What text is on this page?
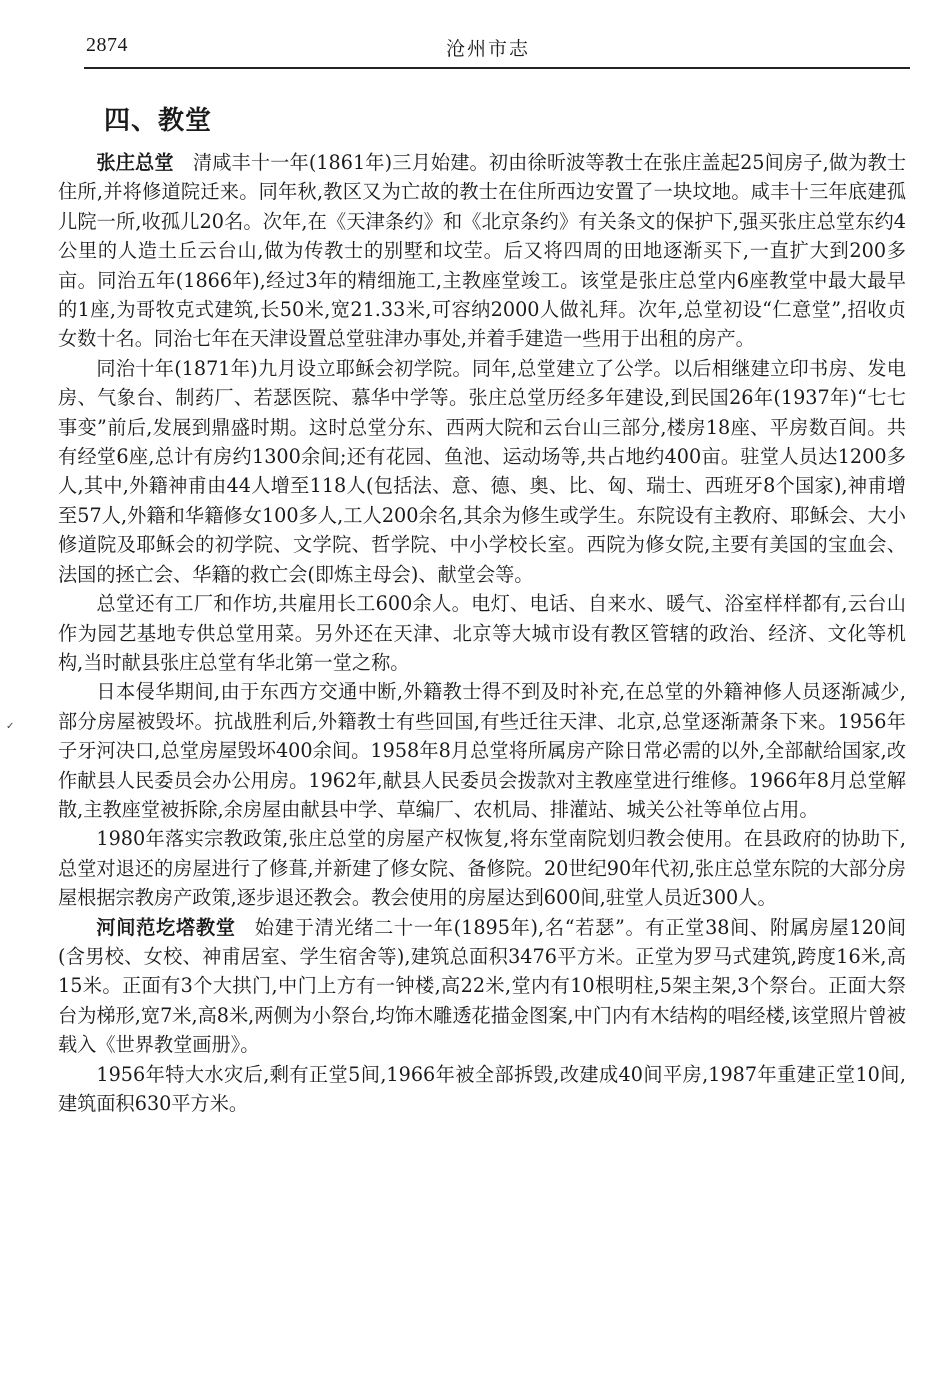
2874	沧州市志
四、教堂

张庄总堂 清咸丰十一年(1861年)三月始建。初由徐昕波等教士在张庄盖起25间房子,做为教士住所,并将修道院迁来。同年秋,教区又为亡故的教士在住所西边安置了一块坟地。咸丰十三年底建孤儿院一所,收孤儿20名。次年,在《天津条约》和《北京条约》有关条文的保护下,强买张庄总堂东约4公里的人造土丘云台山,做为传教士的别墅和坟茔。后又将四周的田地逐渐买下,一直扩大到200多亩。同治五年(1866年),经过3年的精细施工,主教座堂竣工。该堂是张庄总堂内6座教堂中最大最早的1座,为哥牧克式建筑,长50米,宽21.33米,可容纳2000人做礼拜。次年,总堂初设“仁意堂”,招收贞女数十名。同治七年在天津设置总堂驻津办事处,并着手建造一些用于出租的房产。

同治十年(1871年)九月设立耶稣会初学院。同年,总堂建立了公学。以后相继建立印书房、发电房、气象台、制药厂、若瑟医院、慕华中学等。张庄总堂历经多年建设,到民国26年(1937年)“七七事变”前后,发展到鼎盛时期。这时总堂分东、西两大院和云台山三部分,楼房18座、平房数百间。共有经堂6座,总计有房约1300余间;还有花园、鱼池、运动场等,共占地约400亩。驻堂人员达1200多人,其中,外籍神甫由44人增至118人(包括法、意、德、奥、比、匈、瑞士、西班牙8个国家),神甫增至57人,外籍和华籍修女100多人,工人200余名,其余为修生或学生。东院设有主教府、耶稣会、大小修道院及耶稣会的初学院、文学院、哲学院、中小学校长室。西院为修女院,主要有美国的宝血会、法国的拯亡会、华籍的救亡会(即炼主母会)、献堂会等。

总堂还有工厂和作坊,共雇用长工600余人。电灯、电话、自来水、暖气、浴室样样都有,云台山作为园艺基地专供总堂用菜。另外还在天津、北京等大城市设有教区管辖的政治、经济、文化等机构,当时献县张庄总堂有华北第一堂之称。

日本侵华期间,由于东西方交通中断,外籍教士得不到及时补充,在总堂的外籍神修人员逐渐减少,部分房屋被毁坏。抗战胜利后,外籍教士有些回国,有些迁往天津、北京,总堂逐渐萧条下来。1956年子牙河决口,总堂房屋毁坏400余间。1958年8月总堂将所属房产除日常必需的以外,全部献给国家,改作献县人民委员会办公用房。1962年,献县人民委员会拨款对主教座堂进行维修。1966年8月总堂解散,主教座堂被拆除,余房屋由献县中学、草编厂、农机局、排灌站、城关公社等单位占用。

1980年落实宗教政策,张庄总堂的房屋产权恢复,将东堂南院划归教会使用。在县政府的协助下,总堂对退还的房屋进行了修葺,并新建了修女院、备修院。20世纪90年代初,张庄总堂东院的大部分房屋根据宗教房产政策,逐步退还教会。教会使用的房屋达到600间,驻堂人员近300人。

河间范圪㙮教堂 始建于清光绪二十一年(1895年),名“若瑟”。有正堂38间、附属房屋120间(含男校、女校、神甫居室、学生宿舍等),建筑总面积3476平方米。正堂为罗马式建筑,跨度16米,高15米。正面有3个大拱门,中门上方有一钟楼,高22米,堂内有10根明柱,5架主架,3个祭台。正面大祭台为梯形,宽7米,高8米,两侧为小祭台,均饰木雕透花描金图案,中门内有木结构的唱经楼,该堂照片曾被载入《世界教堂画册》。

1956年特大水灾后,剩有正堂5间,1966年被全部拆毁,改建成40间平房,1987年重建正堂10间,建筑面积630平方米。

✓
